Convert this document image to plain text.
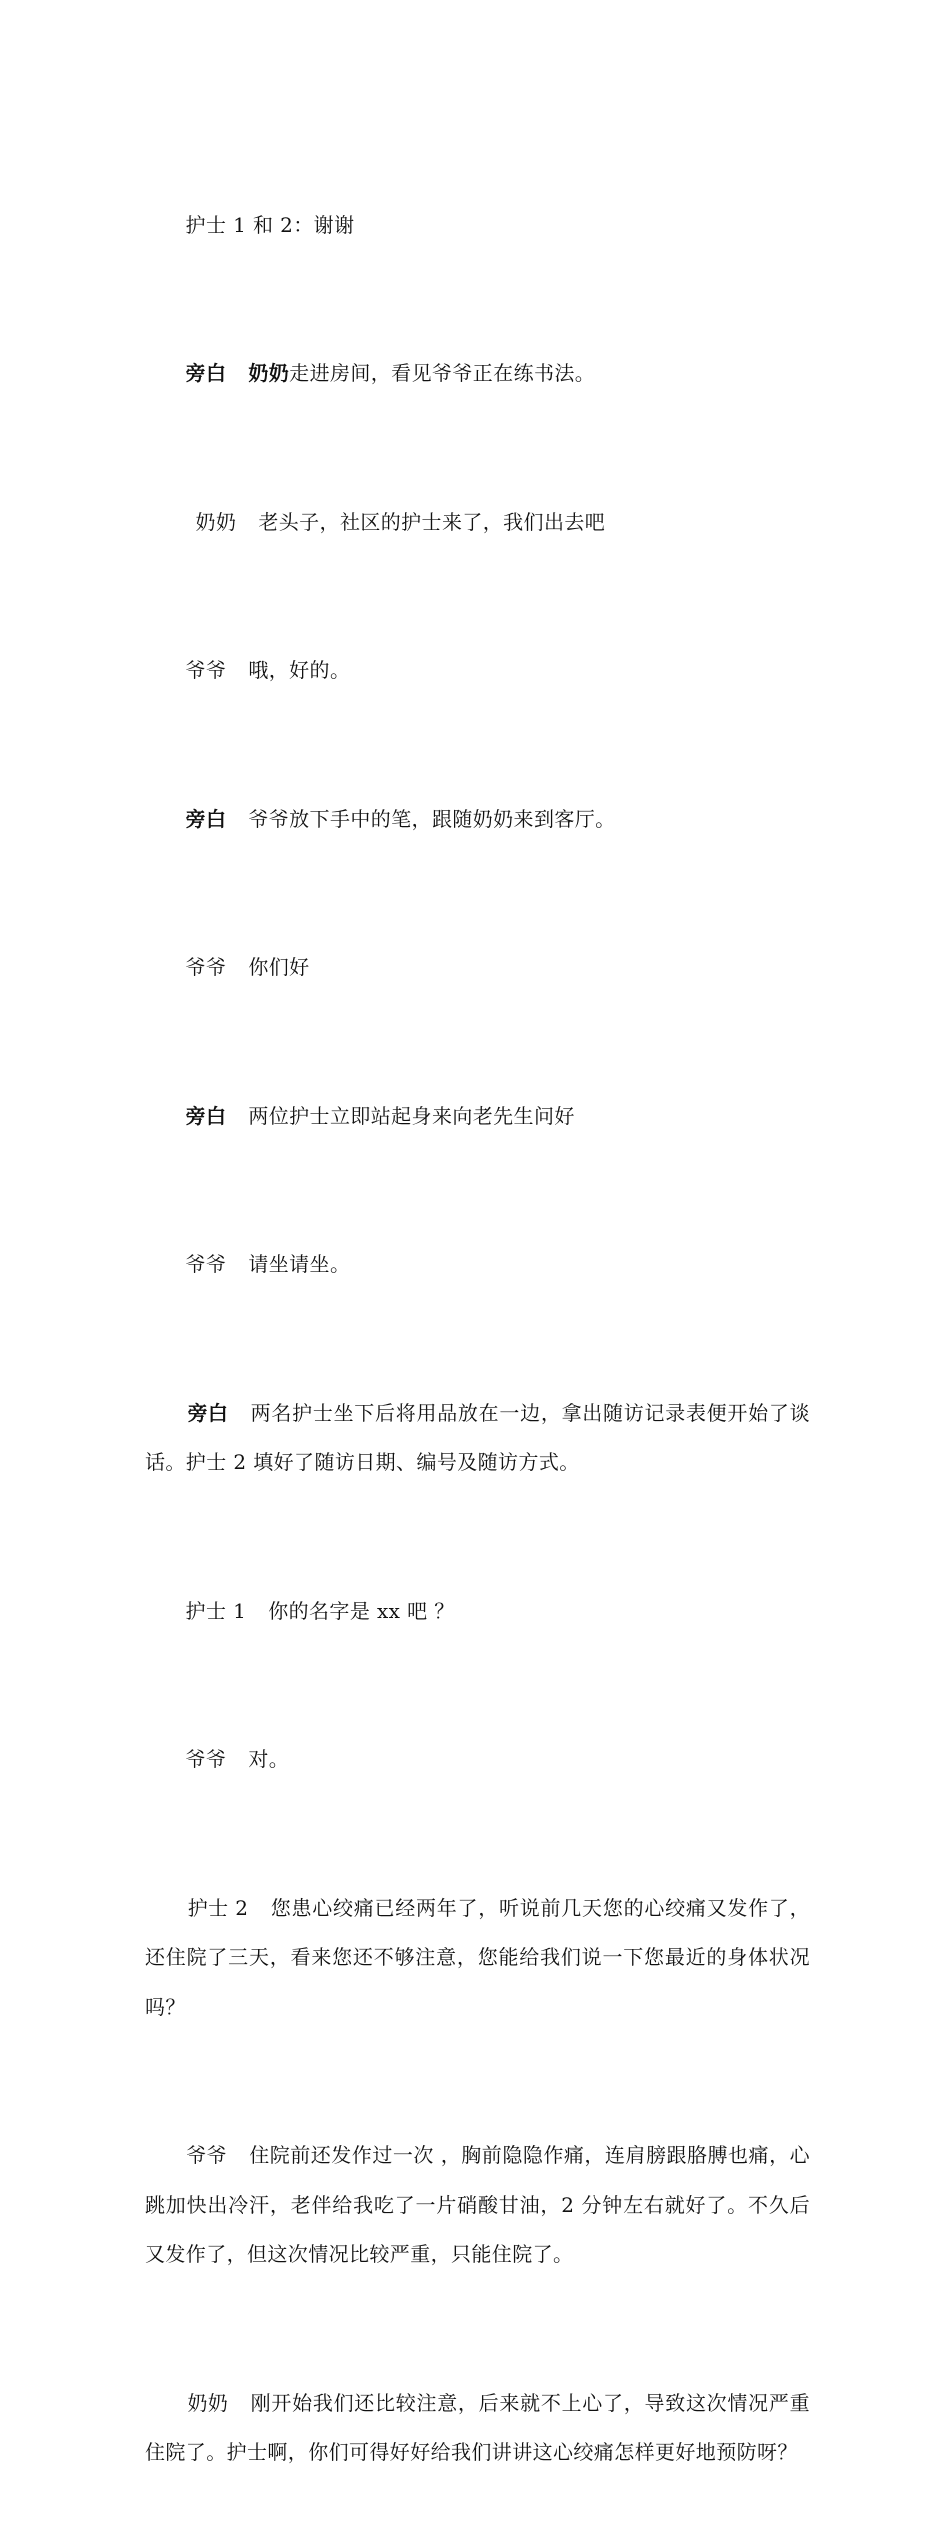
护士 1 和 2：谢谢

旁白 奶奶走进房间，看见爷爷正在练书法。

奶奶 老头子，社区的护士来了，我们出去吧

爷爷 哦，好的。

旁白 爷爷放下手中的笔，跟随奶奶来到客厅。

爷爷 你们好

旁白 两位护士立即站起身来向老先生问好

爷爷 请坐请坐。

旁白 两名护士坐下后将用品放在一边，拿出随访记录表便开始了谈话。护士 2 填好了随访日期、编号及随访方式。

护士 1 你的名字是 xx 吧 ？

爷爷 对。

护士 2 您患心绞痛已经两年了，听说前几天您的心绞痛又发作了，还住院了三天，看来您还不够注意，您能给我们说一下您最近的身体状况吗？

爷爷 住院前还发作过一次 ，胸前隐隐作痛，连肩膀跟胳膊也痛，心跳加快出冷汗，老伴给我吃了一片硝酸甘油，2 分钟左右就好了。不久后又发作了，但这次情况比较严重，只能住院了。

奶奶 刚开始我们还比较注意，后来就不上心了，导致这次情况严重住院了。护士啊，你们可得好好给我们讲讲这心绞痛怎样更好地预防呀？
